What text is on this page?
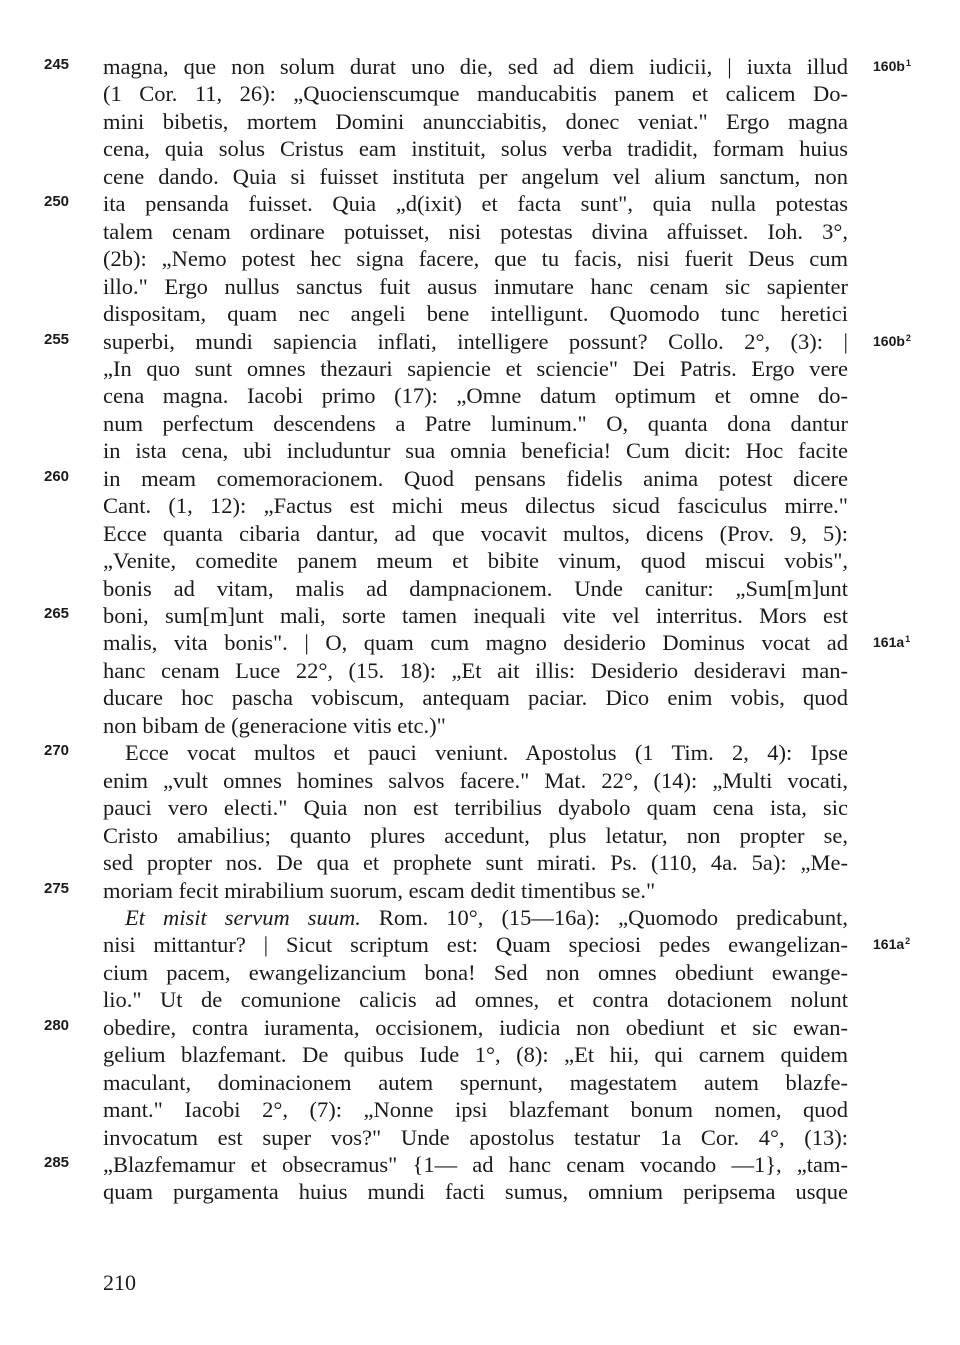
magna, que non solum durat uno die, sed ad diem iudicii, | iuxta illud
(1 Cor. 11, 26): „Quocienscumque manducabitis panem et calicem Do-
mini bibetis, mortem Domini anuncciabitis, donec veniat." Ergo magna
cena, quia solus Cristus eam instituit, solus verba tradidit, formam huius
cene dando. Quia si fuisset instituta per angelum vel alium sanctum, non
ita pensanda fuisset. Quia „d(ixit) et facta sunt", quia nulla potestas
talem cenam ordinare potuisset, nisi potestas divina affuisset. Ioh. 3°,
(2b): „Nemo potest hec signa facere, que tu facis, nisi fuerit Deus cum
illo." Ergo nullus sanctus fuit ausus inmutare hanc cenam sic sapienter
dispositam, quam nec angeli bene intelligunt. Quomodo tunc heretici
superbi, mundi sapiencia inflati, intelligere possunt? Collo. 2°, (3): |
„In quo sunt omnes thezauri sapiencie et sciencie" Dei Patris. Ergo vere
cena magna. Iacobi primo (17): „Omne datum optimum et omne do-
num perfectum descendens a Patre luminum." O, quanta dona dantur
in ista cena, ubi includuntur sua omnia beneficia! Cum dicit: Hoc facite
in meam comemoracionem. Quod pensans fidelis anima potest dicere
Cant. (1, 12): „Factus est michi meus dilectus sicud fasciculus mirre."
Ecce quanta cibaria dantur, ad que vocavit multos, dicens (Prov. 9, 5):
„Venite, comedite panem meum et bibite vinum, quod miscui vobis",
bonis ad vitam, malis ad dampnacionem. Unde canitur: „Sum[m]unt
boni, sum[m]unt mali, sorte tamen inequali vite vel interritus. Mors est
malis, vita bonis". | O, quam cum magno desiderio Dominus vocat ad
hanc cenam Luce 22°, (15. 18): „Et ait illis: Desiderio desideravi man-
ducare hoc pascha vobiscum, antequam paciar. Dico enim vobis, quod
non bibam de (generacione vitis etc.)"
Ecce vocat multos et pauci veniunt. Apostolus (1 Tim. 2, 4): Ipse
enim „vult omnes homines salvos facere." Mat. 22°, (14): „Multi vocati,
pauci vero electi." Quia non est terribilius dyabolo quam cena ista, sic
Cristo amabilius; quanto plures accedunt, plus letatur, non propter se,
sed propter nos. De qua et prophete sunt mirati. Ps. (110, 4a. 5a): „Me-
moriam fecit mirabilium suorum, escam dedit timentibus se."
Et misit servum suum. Rom. 10°, (15—16a): „Quomodo predicabunt,
nisi mittantur? | Sicut scriptum est: Quam speciosi pedes ewangelizan-
cium pacem, ewangelizancium bona! Sed non omnes obediunt ewange-
lio." Ut de comunione calicis ad omnes, et contra dotacionem nolunt
obedire, contra iuramenta, occisionem, iudicia non obediunt et sic ewan-
gelium blazfemant. De quibus Iude 1°, (8): „Et hii, qui carnem quidem
maculant, dominacionem autem spernunt, magestatem autem blazfe-
mant." Iacobi 2°, (7): „Nonne ipsi blazfemant bonum nomen, quod
invocatum est super vos?" Unde apostolus testatur 1a Cor. 4°, (13):
„Blazfemamur et obsecramus" {1— ad hanc cenam vocando —1}, „tam-
quam purgamenta huius mundi facti sumus, omnium peripsema usque
245
250
255
260
265
270
275
280
285
$160b^1$
$160b^2$
$161a^1$
$161a^2$
210
